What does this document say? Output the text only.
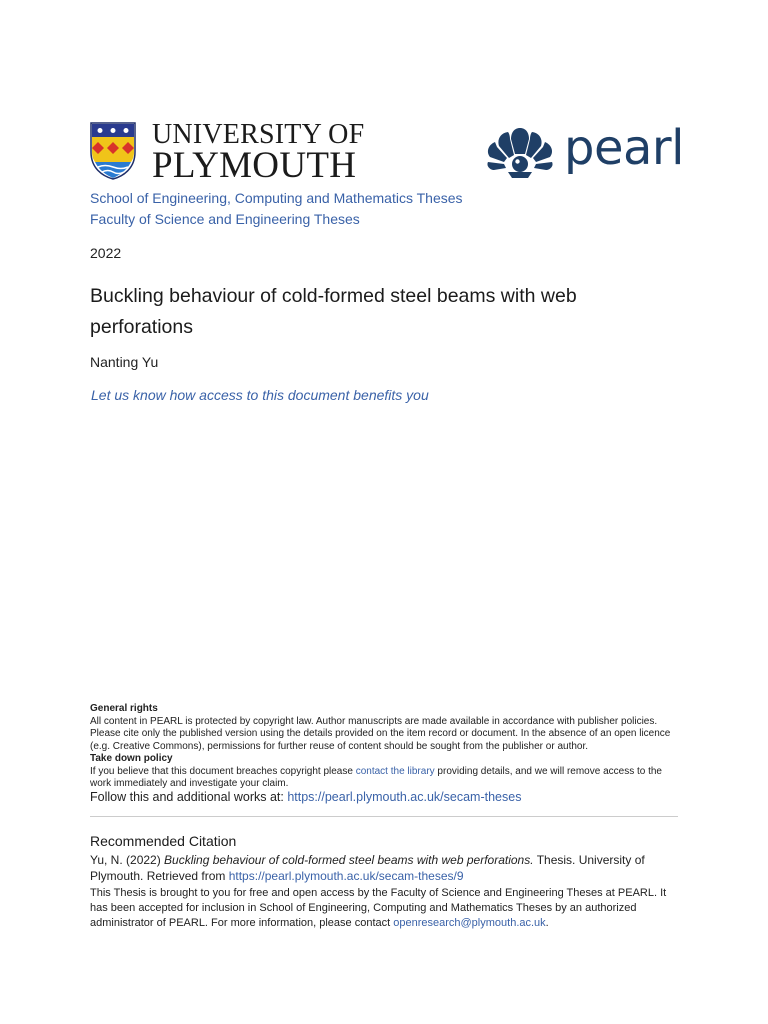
UNIVERSITY OF
PLYMOUTH	pearl
School of Engineering, Computing and Mathematics Theses
Faculty of Science and Engineering Theses
2022
Buckling behaviour of cold-formed steel beams with web perforations
Nanting Yu
Let us know how access to this document benefits you
General rights
All content in PEARL is protected by copyright law. Author manuscripts are made available in accordance with publisher policies. Please cite only the published version using the details provided on the item record or document. In the absence of an open licence (e.g. Creative Commons), permissions for further reuse of content should be sought from the publisher or author.
Take down policy
If you believe that this document breaches copyright please contact the library providing details, and we will remove access to the work immediately and investigate your claim.
Follow this and additional works at: https://pearl.plymouth.ac.uk/secam-theses
Recommended Citation
Yu, N. (2022) Buckling behaviour of cold-formed steel beams with web perforations. Thesis. University of Plymouth. Retrieved from https://pearl.plymouth.ac.uk/secam-theses/9
This Thesis is brought to you for free and open access by the Faculty of Science and Engineering Theses at PEARL. It has been accepted for inclusion in School of Engineering, Computing and Mathematics Theses by an authorized administrator of PEARL. For more information, please contact openresearch@plymouth.ac.uk.
